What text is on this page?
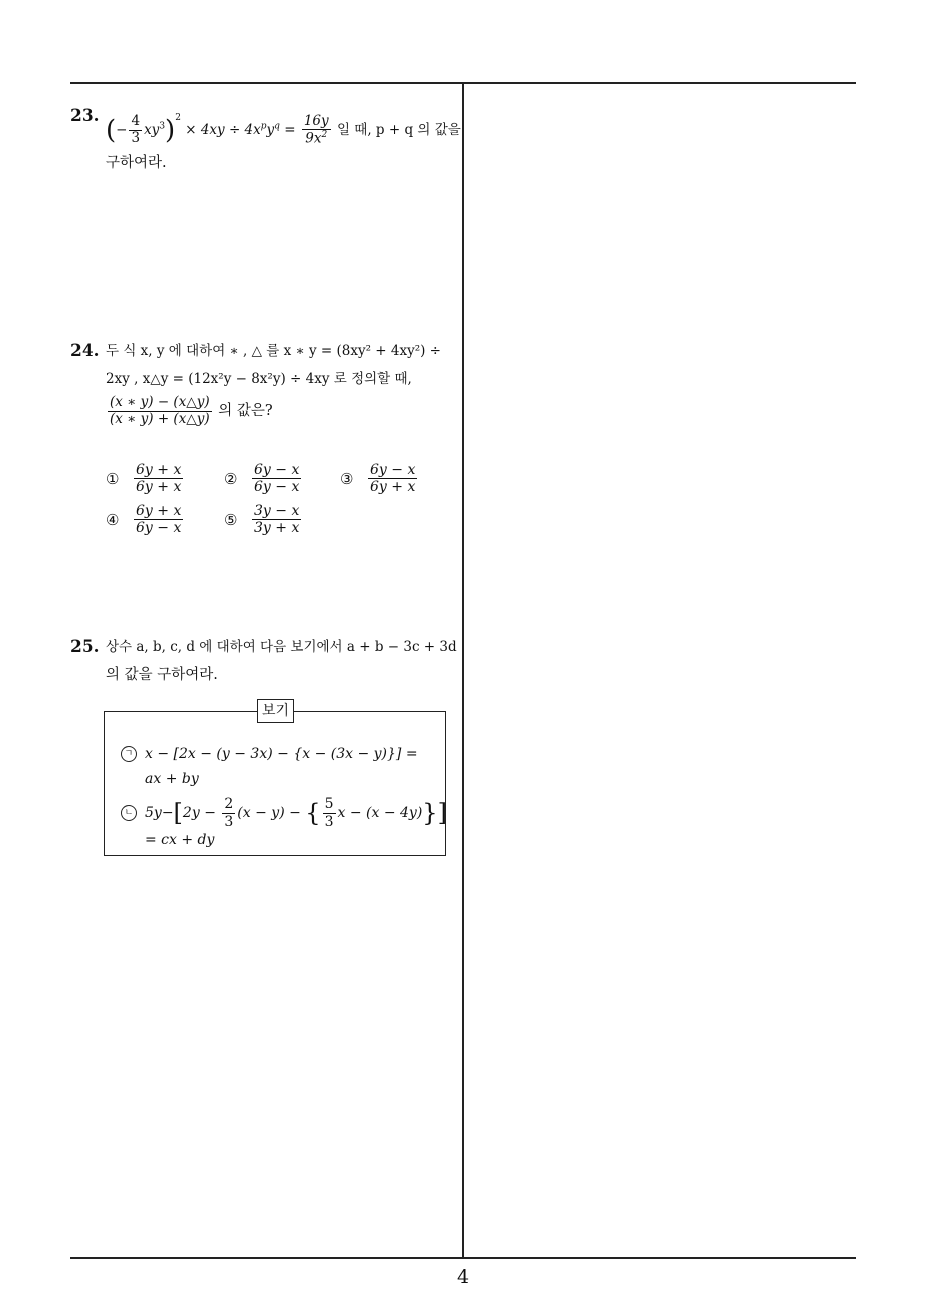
23. (− $\frac{4}{3} xy^3)^2 \times 4xy \div 4x^py^q = \frac{16y}{9x^2}$ 일 때, p + q 의 값을
구하여라.
24. 두 식 x, y 에 대하여 ∗ , △ 를 x ∗ y = (8xy² + 4xy²) ÷
2xy , x△y = (12x²y − 8x²y) ÷ 4xy 로 정의할 때,
$\frac{(x ∗ y) - (x\triangle y)}{(x ∗ y) + (x\triangle y)}$ 의 값은?
①	$\frac{6y + x}{6y + x}$	②	$\frac{6y - x}{6y - x}$	③	$\frac{6y - x}{6y + x}$
④	$\frac{6y + x}{6y - x}$	⑤	$\frac{3y - x}{3y + x}$
25. 상수 a, b, c, d 에 대하여 다음 보기에서 a + b − 3c + 3d
의 값을 구하여라.
보기
ㄱ x − [2x − (y − 3x) − {x − (3x − y)}] =
ax + by
ㄴ $5y-[2y - \frac{2}{3} (x - y)$ − { $\frac{5}{3}$ x − (x − 4y)}]
= cx + dy
4
